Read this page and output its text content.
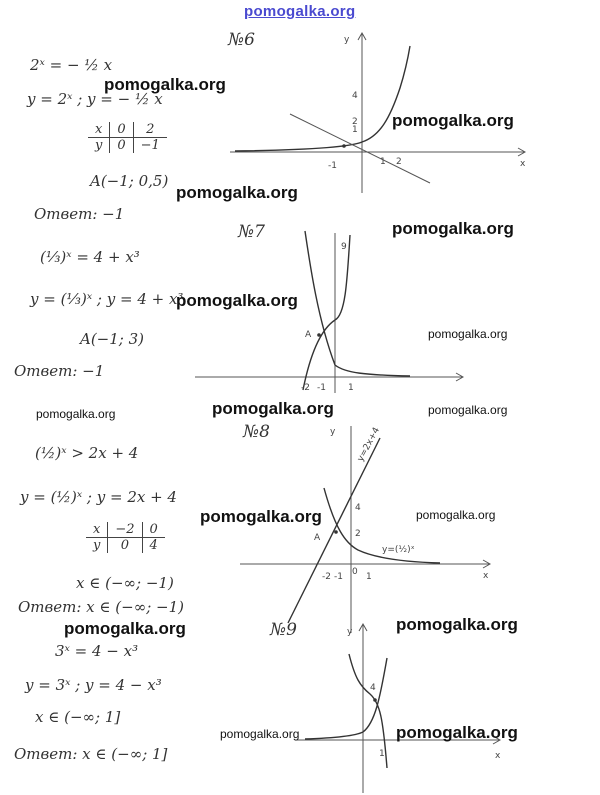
pomogalka.org
№6
2ˣ = − ½ x
y = 2ˣ ; y = − ½ x
x	0	2
y	0	−1
A(−1; 0,5)
Ответ: −1
y
x
1
2
4
-1	1 2
№7
(⅓)ˣ = 4 + x³
y = (⅓)ˣ ; y = 4 + x³
A(−1; 3)
Ответ: −1
9
A
-2 -1 1
№8
(½)ˣ > 2x + 4
y = (½)ˣ ; y = 2x + 4
x	−2	0
y	0	4
x ∈ (−∞; −1)
Ответ: x ∈ (−∞; −1)
y
x
y=2x+4
y=(½)ˣ
A
4
2
-2 -1 0 1
№9
3ˣ = 4 − x³
y = 3ˣ ; y = 4 − x³
x ∈ (−∞; 1]
Ответ: x ∈ (−∞; 1]
y
x
4
1
pomogalka.org
pomogalka.org
pomogalka.org
pomogalka.org
pomogalka.org
pomogalka.org
pomogalka.org	pomogalka.org	pomogalka.org
pomogalka.org	pomogalka.org
pomogalka.org	pomogalka.org
pomogalka.org	pomogalka.org
